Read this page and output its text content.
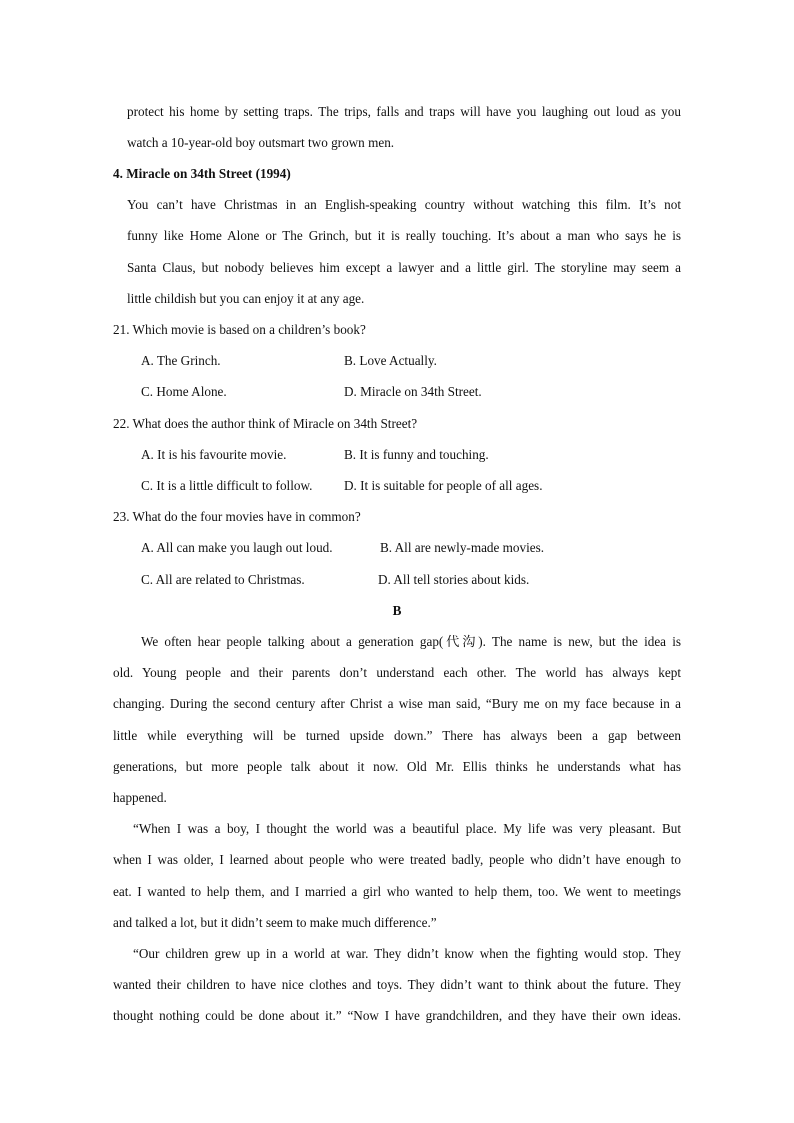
protect his home by setting traps. The trips, falls and traps will have you laughing out loud as you
watch a 10-year-old boy outsmart two grown men.
4. Miracle on 34th Street (1994)
You can’t have Christmas in an English-speaking country without watching this film. It’s not
funny like Home Alone or The Grinch, but it is really touching. It’s about a man who says he is
Santa Claus, but nobody believes him except a lawyer and a little girl. The storyline may seem a
little childish but you can enjoy it at any age.
21. Which movie is based on a children’s book?
A. The Grinch.	B. Love Actually.
C. Home Alone.	D. Miracle on 34th Street.
22. What does the author think of Miracle on 34th Street?
A. It is his favourite movie.	B. It is funny and touching.
C. It is a little difficult to follow. D. It is suitable for people of all ages.
23. What do the four movies have in common?
A. All can make you laugh out loud.	B. All are newly-made movies.
C. All are related to Christmas.	D. All tell stories about kids.
B
We often hear people talking about a generation gap(代沟). The name is new, but the idea is
old. Young people and their parents don’t understand each other. The world has always kept
changing. During the second century after Christ a wise man said, “Bury me on my face because in a
little while everything will be turned upside down.” There has always been a gap between
generations, but more people talk about it now. Old Mr. Ellis thinks he understands what has
happened.
“When I was a boy, I thought the world was a beautiful place. My life was very pleasant. But
when I was older, I learned about people who were treated badly, people who didn’t have enough to
eat. I wanted to help them, and I married a girl who wanted to help them, too. We went to meetings
and talked a lot, but it didn’t seem to make much difference.”
“Our children grew up in a world at war. They didn’t know when the fighting would stop. They
wanted their children to have nice clothes and toys. They didn’t want to think about the future. They
thought nothing could be done about it.” “Now I have grandchildren, and they have their own ideas.
